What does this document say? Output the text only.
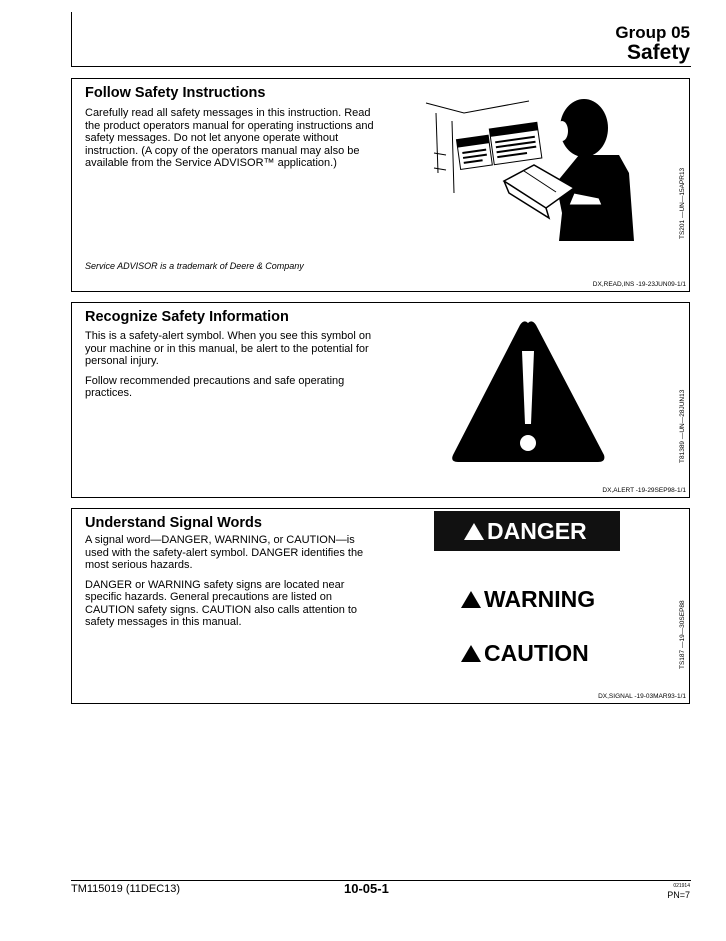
Group 05
Safety
Follow Safety Instructions

Carefully read all safety messages in this instruction. Read the product operators manual for operating instructions and safety messages. Do not let anyone operate without instruction. (A copy of the operators manual may also be available from the Service ADVISOR™ application.)

Service ADVISOR is a trademark of Deere & Company
TS201 —UN—15APR13
DX,READ,INS -19-23JUN09-1/1
Recognize Safety Information

This is a safety-alert symbol. When you see this symbol on your machine or in this manual, be alert to the potential for personal injury.

Follow recommended precautions and safe operating practices.	T81389 —UN—28JUN13
DX,ALERT -19-29SEP98-1/1
Understand Signal Words

A signal word—DANGER, WARNING, or CAUTION—is used with the safety-alert symbol. DANGER identifies the most serious hazards.

DANGER or WARNING safety signs are located near specific hazards. General precautions are listed on CAUTION safety signs. CAUTION also calls attention to safety messages in this manual.

DANGER
WARNING
CAUTION	TS187 —19—30SEP88
DX,SIGNAL -19-03MAR93-1/1
TM115019 (11DEC13)	10-05-1	021914
PN=7
